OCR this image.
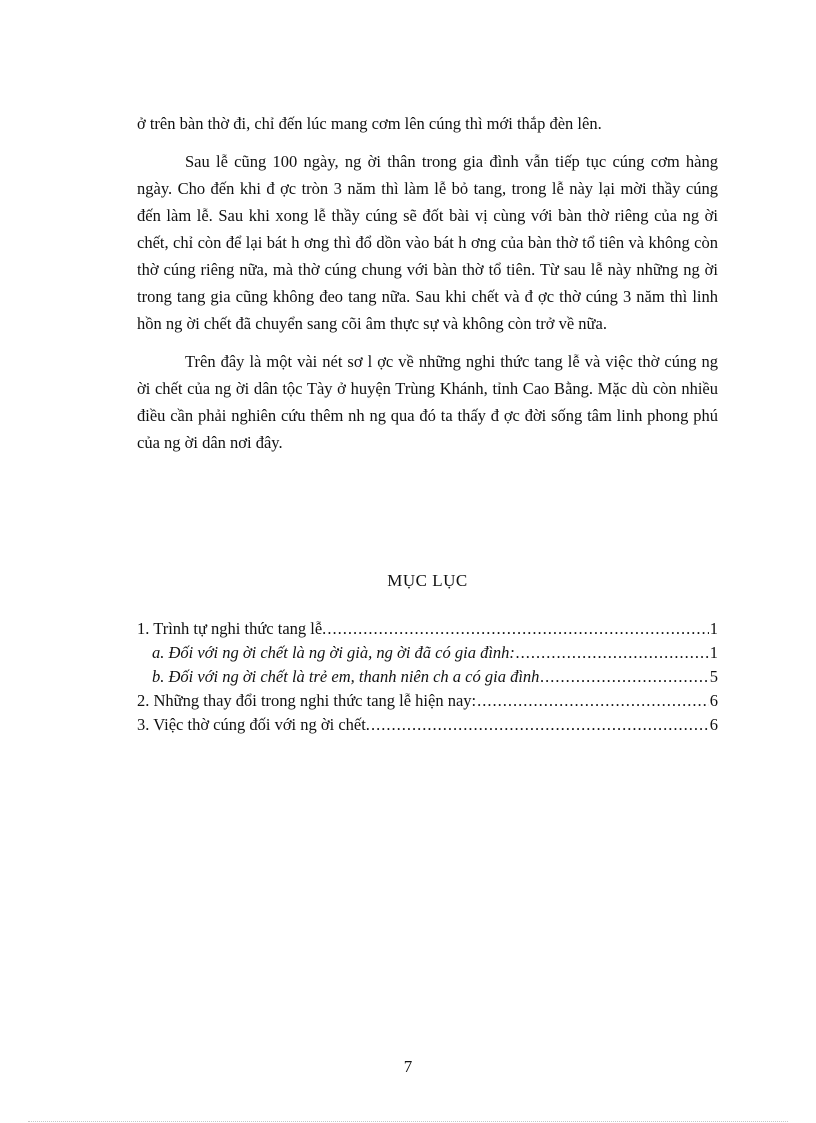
ở trên bàn thờ đi, chỉ đến lúc mang cơm lên cúng thì mới thắp đèn lên.

Sau lễ cũng 100 ngày, ng ời thân trong gia đình vẫn tiếp tục cúng cơm hàng ngày. Cho đến khi đ ợc tròn 3 năm thì làm lễ bỏ tang, trong lễ này lại mời thầy cúng đến làm lễ. Sau khi xong lễ thầy cúng sẽ đốt bài vị cùng với bàn thờ riêng của ng ời chết, chỉ còn để lại bát h ơng thì đổ dồn vào bát h ơng của bàn thờ tổ tiên và không còn thờ cúng riêng nữa, mà thờ cúng chung với bàn thờ tổ tiên. Từ sau lễ này những ng ời trong tang gia cũng không đeo tang nữa. Sau khi chết và đ ợc thờ cúng 3 năm thì linh hồn ng ời chết đã chuyển sang cõi âm thực sự và không còn trở về nữa.

Trên đây là một vài nét sơ l ợc về những nghi thức tang lễ và việc thờ cúng ng ời chết của ng ời dân tộc Tày ở huyện Trùng Khánh, tỉnh Cao Bằng. Mặc dù còn nhiều điều cần phải nghiên cứu thêm nh ng qua đó ta thấy đ ợc đời sống tâm linh phong phú của ng ời dân nơi đây.

MỤC LỤC
1. Trình tự nghi thức tang lễ. .....	1
a. Đối với ng ời chết là ng ời già, ng ời đã có gia đình: .....	1
b. Đối với ng ời chết là trẻ em, thanh niên ch a có gia đình .....	5
2. Những thay đổi trong nghi thức tang lễ hiện nay: .....	6
3. Việc thờ cúng đối với ng ời chết. .....	6
7
